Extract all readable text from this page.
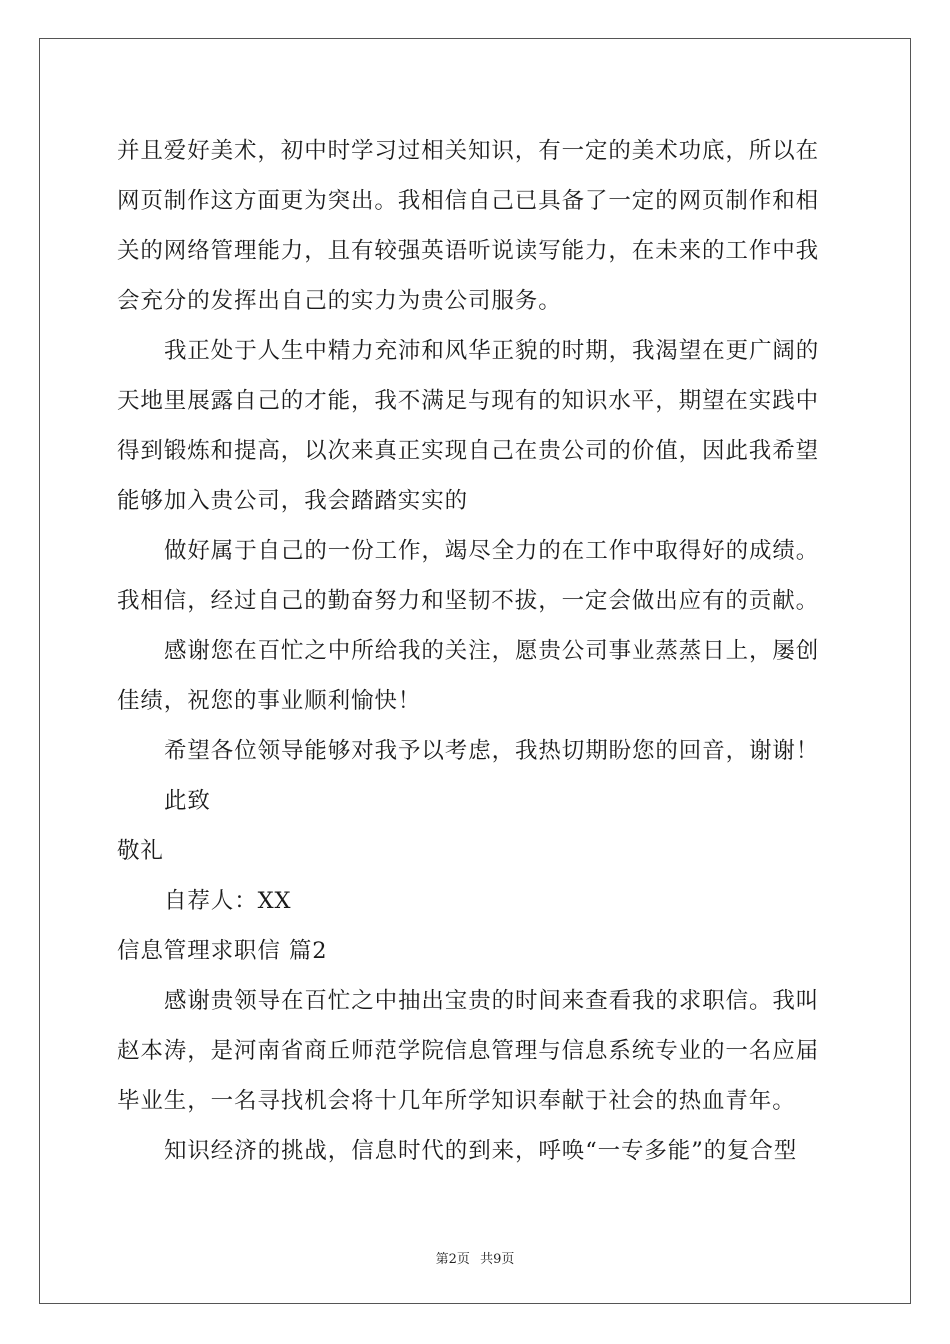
并且爱好美术，初中时学习过相关知识，有一定的美术功底，所以在

网页制作这方面更为突出。我相信自己已具备了一定的网页制作和相

关的网络管理能力，且有较强英语听说读写能力，在未来的工作中我

会充分的发挥出自己的实力为贵公司服务。

我正处于人生中精力充沛和风华正貌的时期，我渴望在更广阔的

天地里展露自己的才能，我不满足与现有的知识水平，期望在实践中

得到锻炼和提高，以次来真正实现自己在贵公司的价值，因此我希望

能够加入贵公司，我会踏踏实实的

做好属于自己的一份工作，竭尽全力的在工作中取得好的成绩。

我相信，经过自己的勤奋努力和坚韧不拔，一定会做出应有的贡献。

感谢您在百忙之中所给我的关注，愿贵公司事业蒸蒸日上，屡创

佳绩，祝您的事业顺利愉快！

希望各位领导能够对我予以考虑，我热切期盼您的回音，谢谢！

此致

敬礼

自荐人：XX

信息管理求职信 篇2

感谢贵领导在百忙之中抽出宝贵的时间来查看我的求职信。我叫

赵本涛，是河南省商丘师范学院信息管理与信息系统专业的一名应届

毕业生，一名寻找机会将十几年所学知识奉献于社会的热血青年。

知识经济的挑战，信息时代的到来，呼唤“一专多能”的复合型

第2页 共9页
